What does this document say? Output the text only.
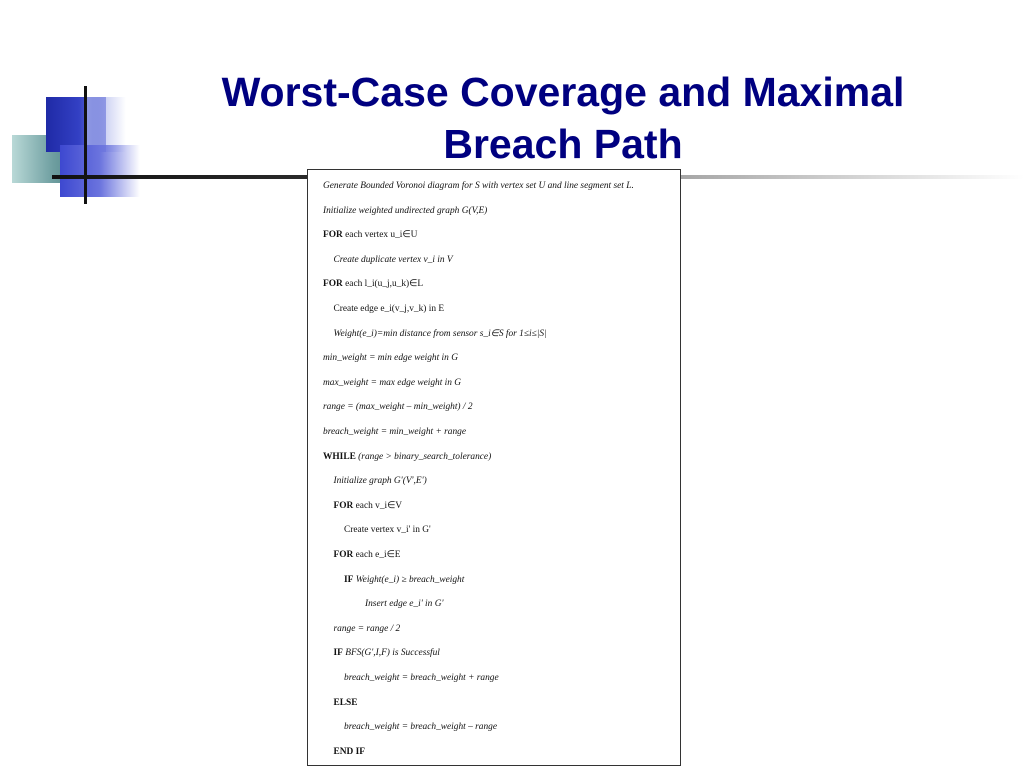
Worst-Case Coverage and Maximal
Breach Path
Generate Bounded Voronoi diagram for S with vertex set U and line segment set L.
Initialize weighted undirected graph G(V,E)
FOR each vertex u_i∈U
Create duplicate vertex v_i in V
FOR each l_i(u_j,u_k)∈L
Create edge e_i(v_j,v_k) in E
Weight(e_i)=min distance from sensor s_i∈S for 1≤i≤|S|
min_weight = min edge weight in G
max_weight = max edge weight in G
range = (max_weight – min_weight) / 2
breach_weight = min_weight + range
WHILE (range > binary_search_tolerance)
Initialize graph G'(V',E')
FOR each v_i∈V
Create vertex v_i' in G'
FOR each e_i∈E
IF Weight(e_i) ≥ breach_weight
Insert edge e_i' in G'
range = range / 2
IF BFS(G',I,F) is Successful
breach_weight = breach_weight + range
ELSE
breach_weight = breach_weight – range
END IF
